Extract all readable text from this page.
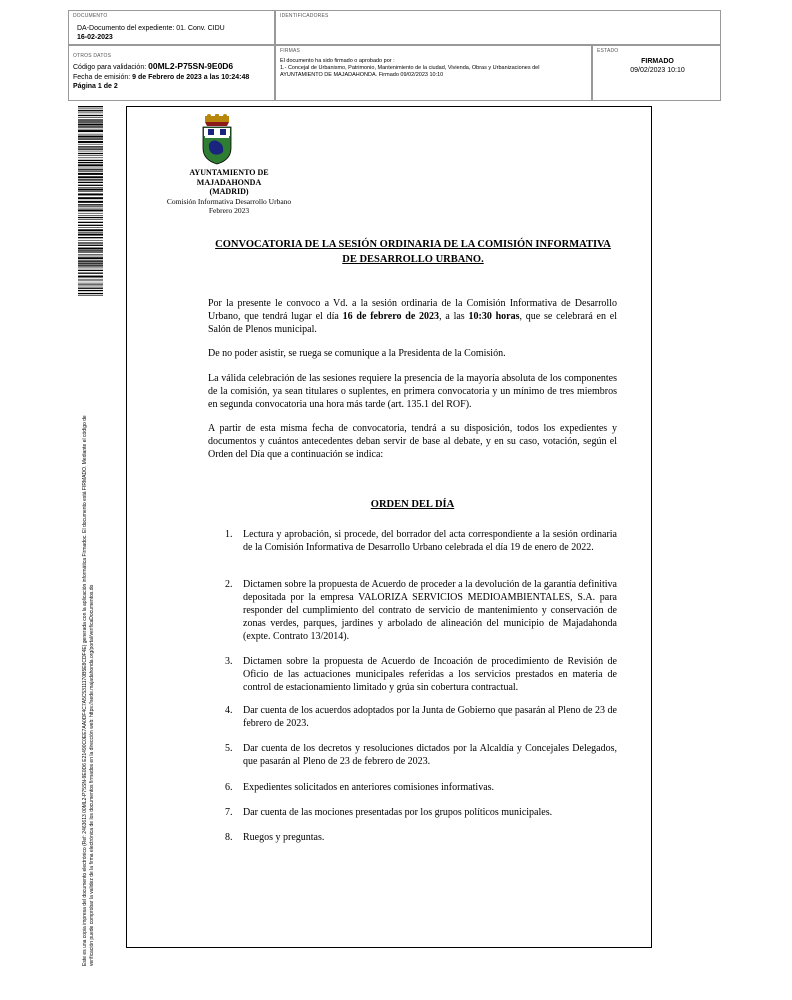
DOCUMENTO
DA-Documento del expediente: 01. Conv. CIDU
16-02-2023
IDENTIFICADORES
OTROS DATOS
Código para validación: 00ML2-P75SN-9E0D6
Fecha de emisión: 9 de Febrero de 2023 a las 10:24:48
Página 1 de 2
FIRMAS
El documento ha sido firmado o aprobado por :
1.- Concejal de Urbanismo, Patrimonio, Mantenimiento de la ciudad, Vivienda, Obras y Urbanizaciones del
AYUNTAMIENTO DE MAJADAHONDA. Firmado 09/02/2023 10:10
ESTADO
FIRMADO
09/02/2023 10:10
Este es una copia impresa del documento electrónico (Ref: 2463613 00ML2-P75SN-9E0D6 E21490C0EE7AA0DF4C7A5C5311170B5E8CDF4E) generada con la aplicación informática Firmadoc. El documento está FIRMADO. Mediante el código de verificación puede comprobar la validez de la firma electrónica de los documentos firmados en la dirección web: https://sede.majadahonda.org/portal/verificaDocumentos.do
AYUNTAMIENTO DE
MAJADAHONDA
(MADRID)
Comisión Informativa Desarrollo Urbano
Febrero 2023
CONVOCATORIA DE LA SESIÓN ORDINARIA DE LA COMISIÓN INFORMATIVA
DE DESARROLLO URBANO.
Por la presente le convoco a Vd. a la sesión ordinaria de la Comisión Informativa de Desarrollo Urbano, que tendrá lugar el día 16 de febrero de 2023, a las 10:30 horas, que se celebrará en el Salón de Plenos municipal.
De no poder asistir, se ruega se comunique a la Presidenta de la Comisión.
La válida celebración de las sesiones requiere la presencia de la mayoría absoluta de los componentes de la comisión, ya sean titulares o suplentes, en primera convocatoria y un mínimo de tres miembros en segunda convocatoria una hora más tarde (art. 135.1 del ROF).
A partir de esta misma fecha de convocatoria, tendrá a su disposición, todos los expedientes y documentos y cuántos antecedentes deban servir de base al debate, y en su caso, votación, según el Orden del Día que a continuación se indica:
ORDEN DEL DÍA
1.	Lectura y aprobación, si procede, del borrador del acta correspondiente a la sesión ordinaria de la Comisión Informativa de Desarrollo Urbano celebrada el día 19 de enero de 2022.
2.	Dictamen sobre la propuesta de Acuerdo de proceder a la devolución de la garantía definitiva depositada por la empresa VALORIZA SERVICIOS MEDIOAMBIENTALES, S.A. para responder del cumplimiento del contrato de servicio de mantenimiento y conservación de zonas verdes, parques, jardines y arbolado de alineación del municipio de Majadahonda (expte. Contrato 13/2014).
3.	Dictamen sobre la propuesta de Acuerdo de Incoación de procedimiento de Revisión de Oficio de las actuaciones municipales referidas a los servicios prestados en materia de control de estacionamiento limitado y grúa sin cobertura contractual.
4.	Dar cuenta de los acuerdos adoptados por la Junta de Gobierno que pasarán al Pleno de 23 de febrero de 2023.
5.	Dar cuenta de los decretos y resoluciones dictados por la Alcaldía y Concejales Delegados, que pasarán al Pleno de 23 de febrero de 2023.
6.	Expedientes solicitados en anteriores comisiones informativas.
7.	Dar cuenta de las mociones presentadas por los grupos políticos municipales.
8.	Ruegos y preguntas.
